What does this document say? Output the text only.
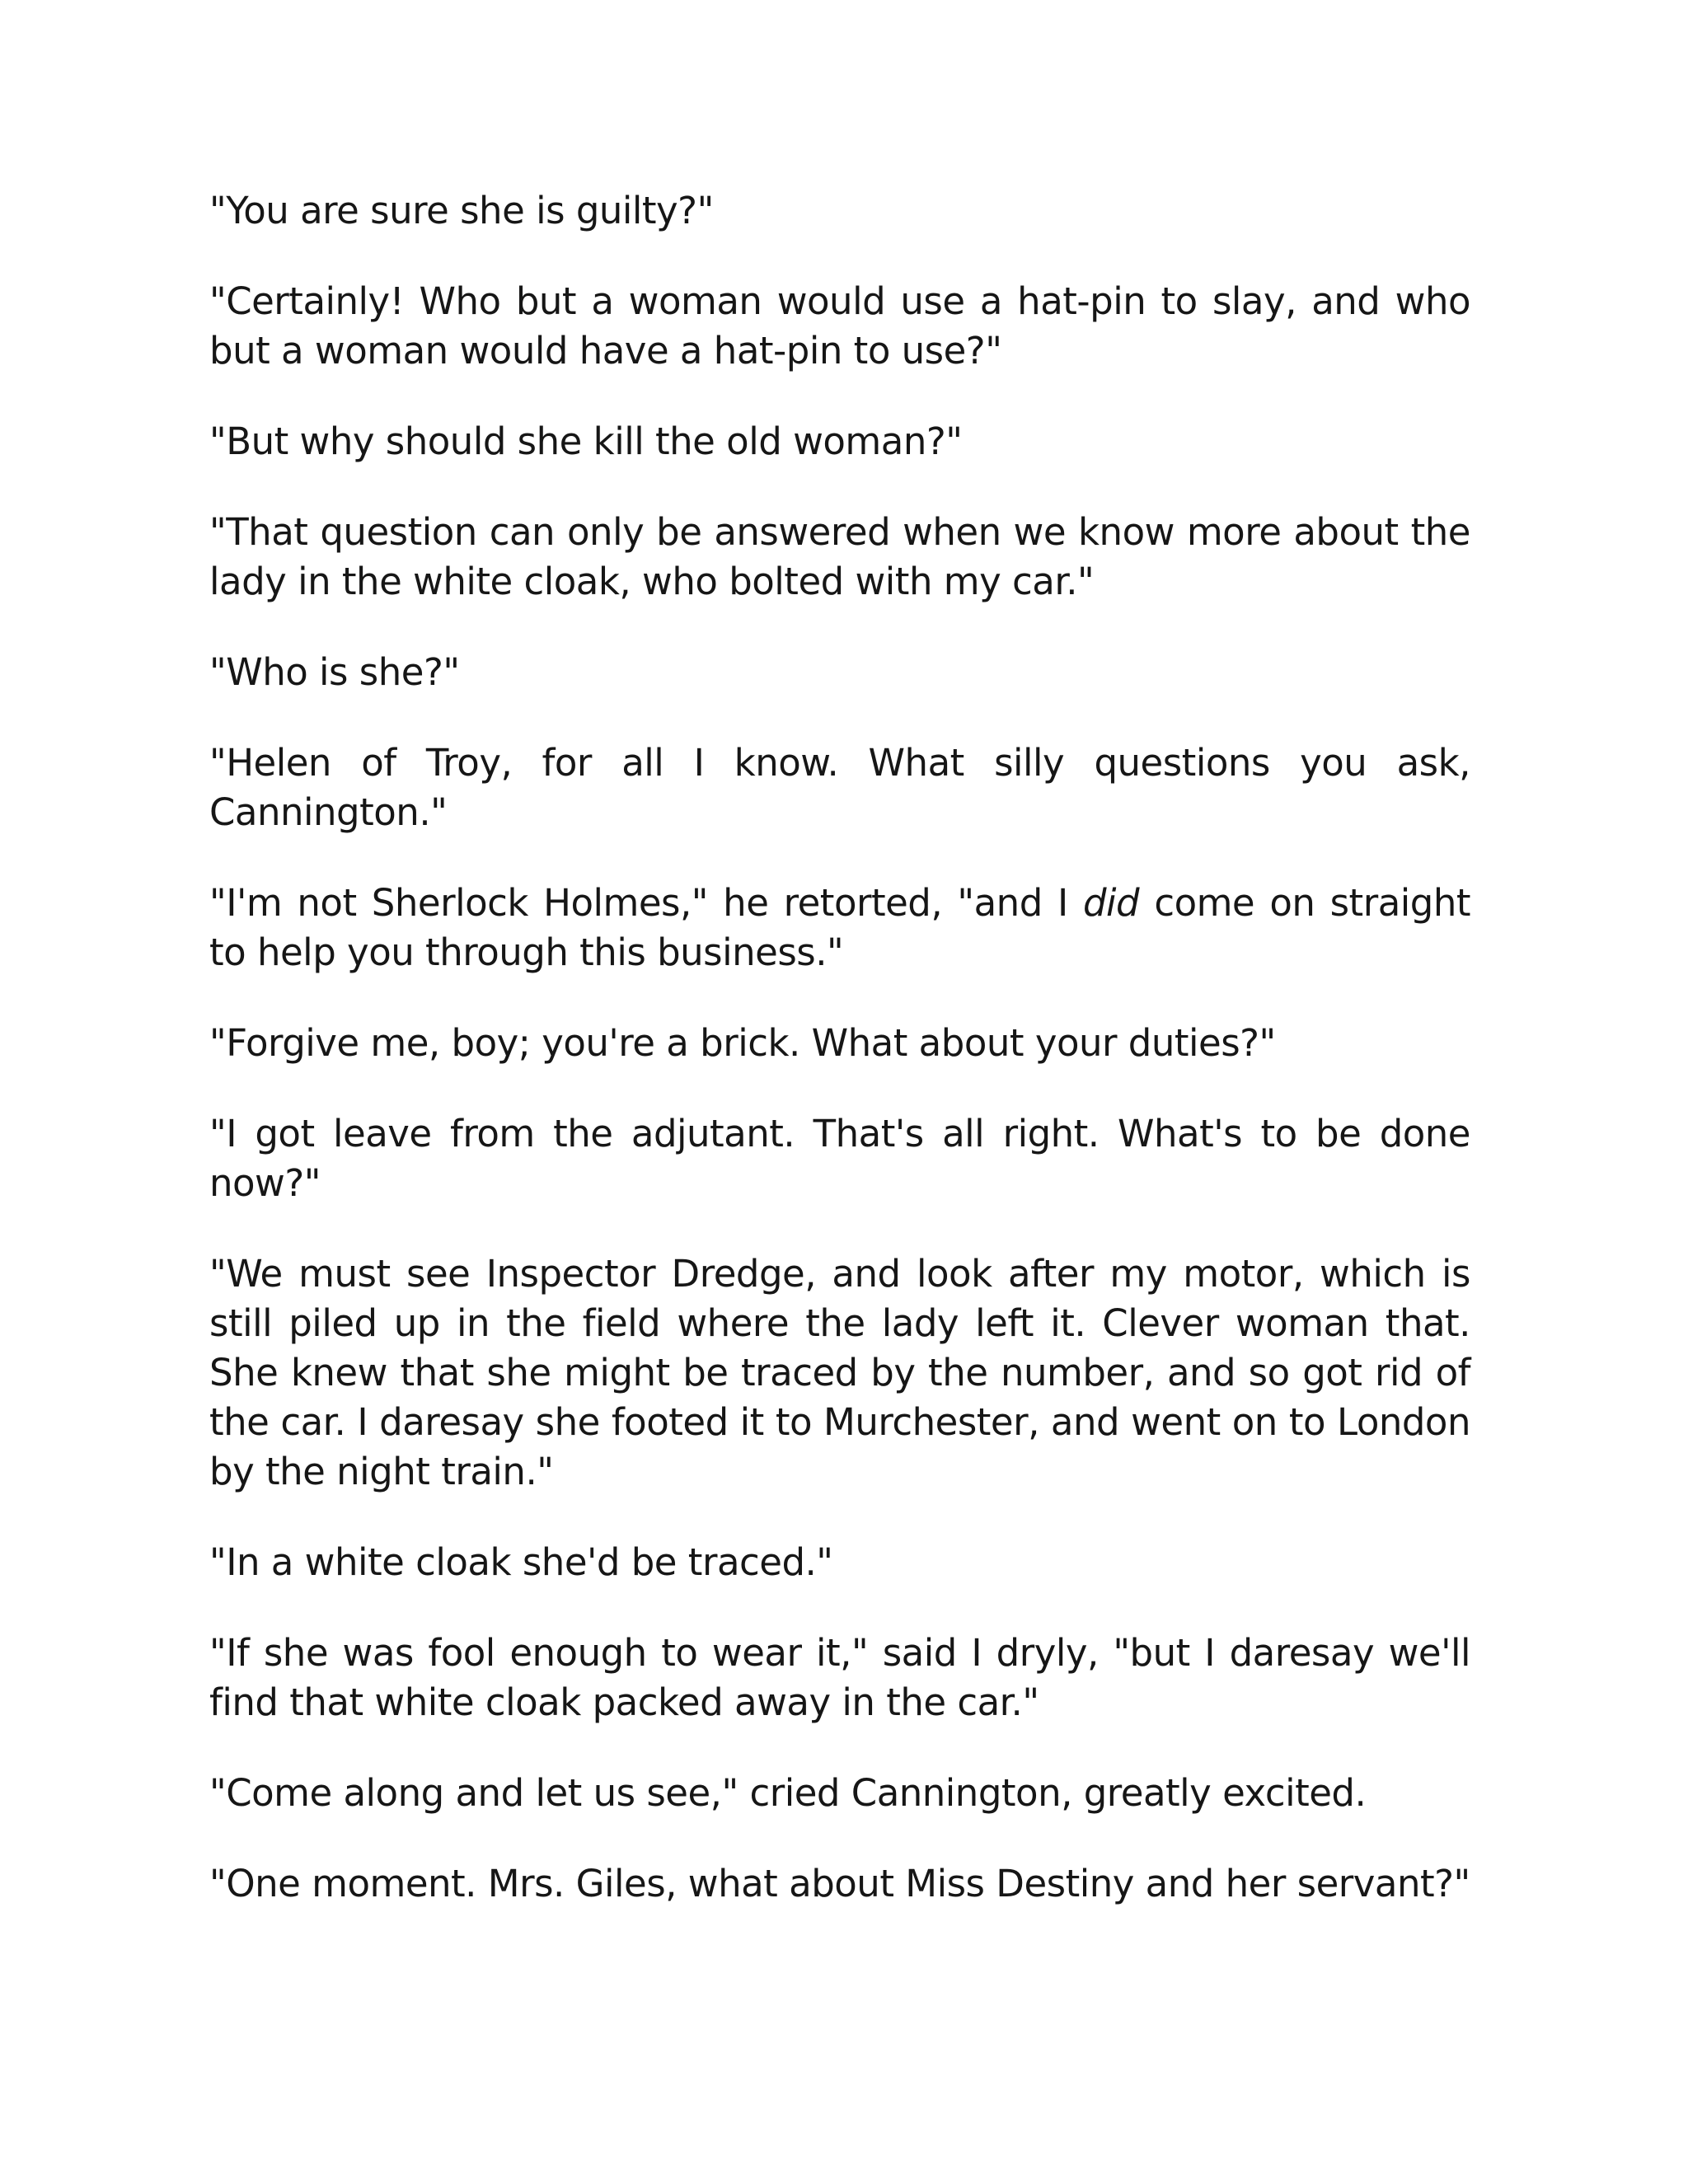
"You are sure she is guilty?"

"Certainly! Who but a woman would use a hat-pin to slay, and who but a woman would have a hat-pin to use?"

"But why should she kill the old woman?"

"That question can only be answered when we know more about the lady in the white cloak, who bolted with my car."

"Who is she?"

"Helen of Troy, for all I know. What silly questions you ask, Cannington."

"I'm not Sherlock Holmes," he retorted, "and I did come on straight to help you through this business."

"Forgive me, boy; you're a brick. What about your duties?"

"I got leave from the adjutant. That's all right. What's to be done now?"

"We must see Inspector Dredge, and look after my motor, which is still piled up in the field where the lady left it. Clever woman that. She knew that she might be traced by the number, and so got rid of the car. I daresay she footed it to Murchester, and went on to London by the night train."

"In a white cloak she'd be traced."

"If she was fool enough to wear it," said I dryly, "but I daresay we'll find that white cloak packed away in the car."

"Come along and let us see," cried Cannington, greatly excited.

"One moment. Mrs. Giles, what about Miss Destiny and her servant?"
